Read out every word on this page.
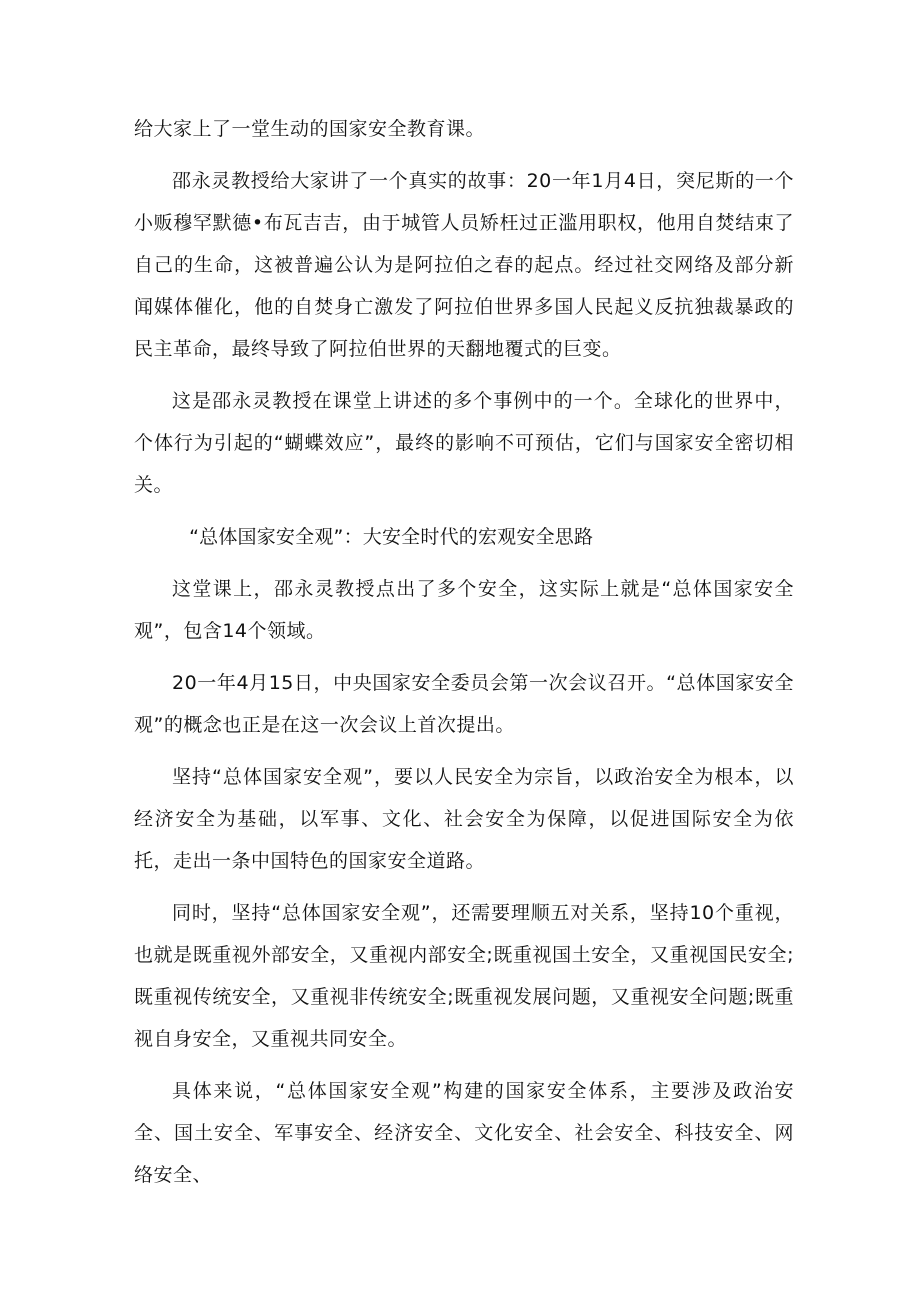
给大家上了一堂生动的国家安全教育课。

邵永灵教授给大家讲了一个真实的故事：20一年1月4日，突尼斯的一个小贩穆罕默德•布瓦吉吉，由于城管人员矫枉过正滥用职权，他用自焚结束了自己的生命，这被普遍公认为是阿拉伯之春的起点。经过社交网络及部分新闻媒体催化，他的自焚身亡激发了阿拉伯世界多国人民起义反抗独裁暴政的民主革命，最终导致了阿拉伯世界的天翻地覆式的巨变。

这是邵永灵教授在课堂上讲述的多个事例中的一个。全球化的世界中，个体行为引起的“蝴蝶效应”，最终的影响不可预估，它们与国家安全密切相关。

“总体国家安全观”：大安全时代的宏观安全思路

这堂课上，邵永灵教授点出了多个安全，这实际上就是“总体国家安全观”，包含14个领域。

20一年4月15日，中央国家安全委员会第一次会议召开。“总体国家安全观”的概念也正是在这一次会议上首次提出。

坚持“总体国家安全观”，要以人民安全为宗旨，以政治安全为根本，以经济安全为基础，以军事、文化、社会安全为保障，以促进国际安全为依托，走出一条中国特色的国家安全道路。

同时，坚持“总体国家安全观”，还需要理顺五对关系，坚持10个重视，也就是既重视外部安全，又重视内部安全;既重视国土安全，又重视国民安全;既重视传统安全，又重视非传统安全;既重视发展问题，又重视安全问题;既重视自身安全，又重视共同安全。

具体来说，“总体国家安全观”构建的国家安全体系，主要涉及政治安全、国土安全、军事安全、经济安全、文化安全、社会安全、科技安全、网络安全、
